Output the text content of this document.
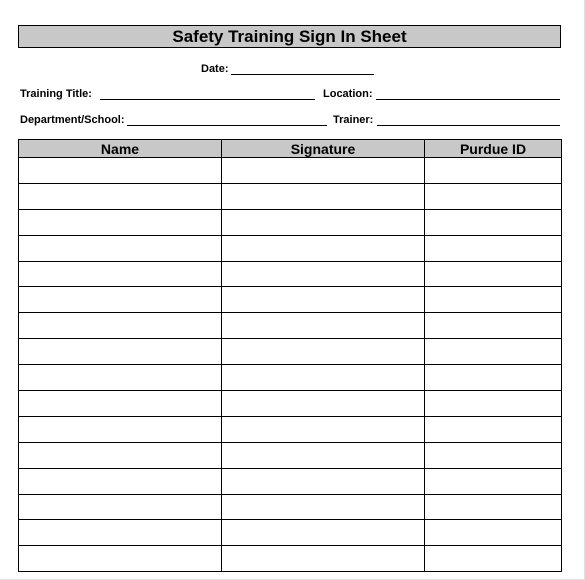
Safety Training Sign In Sheet
Date:
Training Title:	Location:
Department/School:	Trainer:
Name	Signature	Purdue ID
